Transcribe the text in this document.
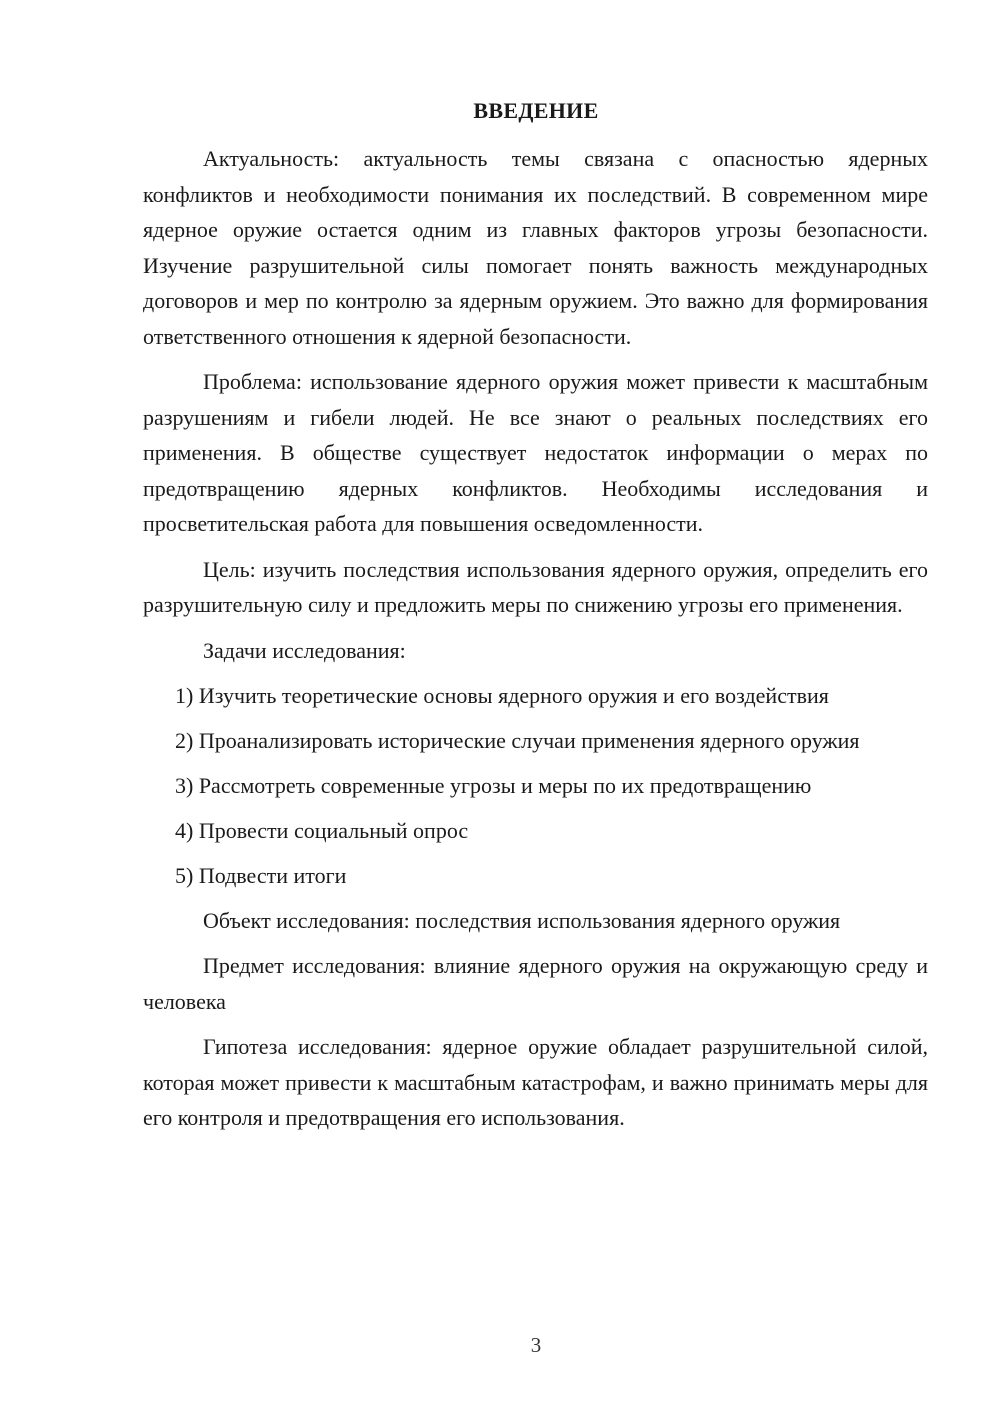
ВВЕДЕНИЕ

Актуальность: актуальность темы связана с опасностью ядерных конфликтов и необходимости понимания их последствий. В современном мире ядерное оружие остается одним из главных факторов угрозы безопасности. Изучение разрушительной силы помогает понять важность международных договоров и мер по контролю за ядерным оружием. Это важно для формирования ответственного отношения к ядерной безопасности.

Проблема: использование ядерного оружия может привести к масштабным разрушениям и гибели людей. Не все знают о реальных последствиях его применения. В обществе существует недостаток информации о мерах по предотвращению ядерных конфликтов. Необходимы исследования и просветительская работа для повышения осведомленности.

Цель: изучить последствия использования ядерного оружия, определить его разрушительную силу и предложить меры по снижению угрозы его применения.

Задачи исследования:

1) Изучить теоретические основы ядерного оружия и его воздействия

2) Проанализировать исторические случаи применения ядерного оружия

3) Рассмотреть современные угрозы и меры по их предотвращению

4) Провести социальный опрос

5) Подвести итоги

Объект исследования: последствия использования ядерного оружия

Предмет исследования: влияние ядерного оружия на окружающую среду и человека

Гипотеза исследования: ядерное оружие обладает разрушительной силой, которая может привести к масштабным катастрофам, и важно принимать меры для его контроля и предотвращения его использования.

3
